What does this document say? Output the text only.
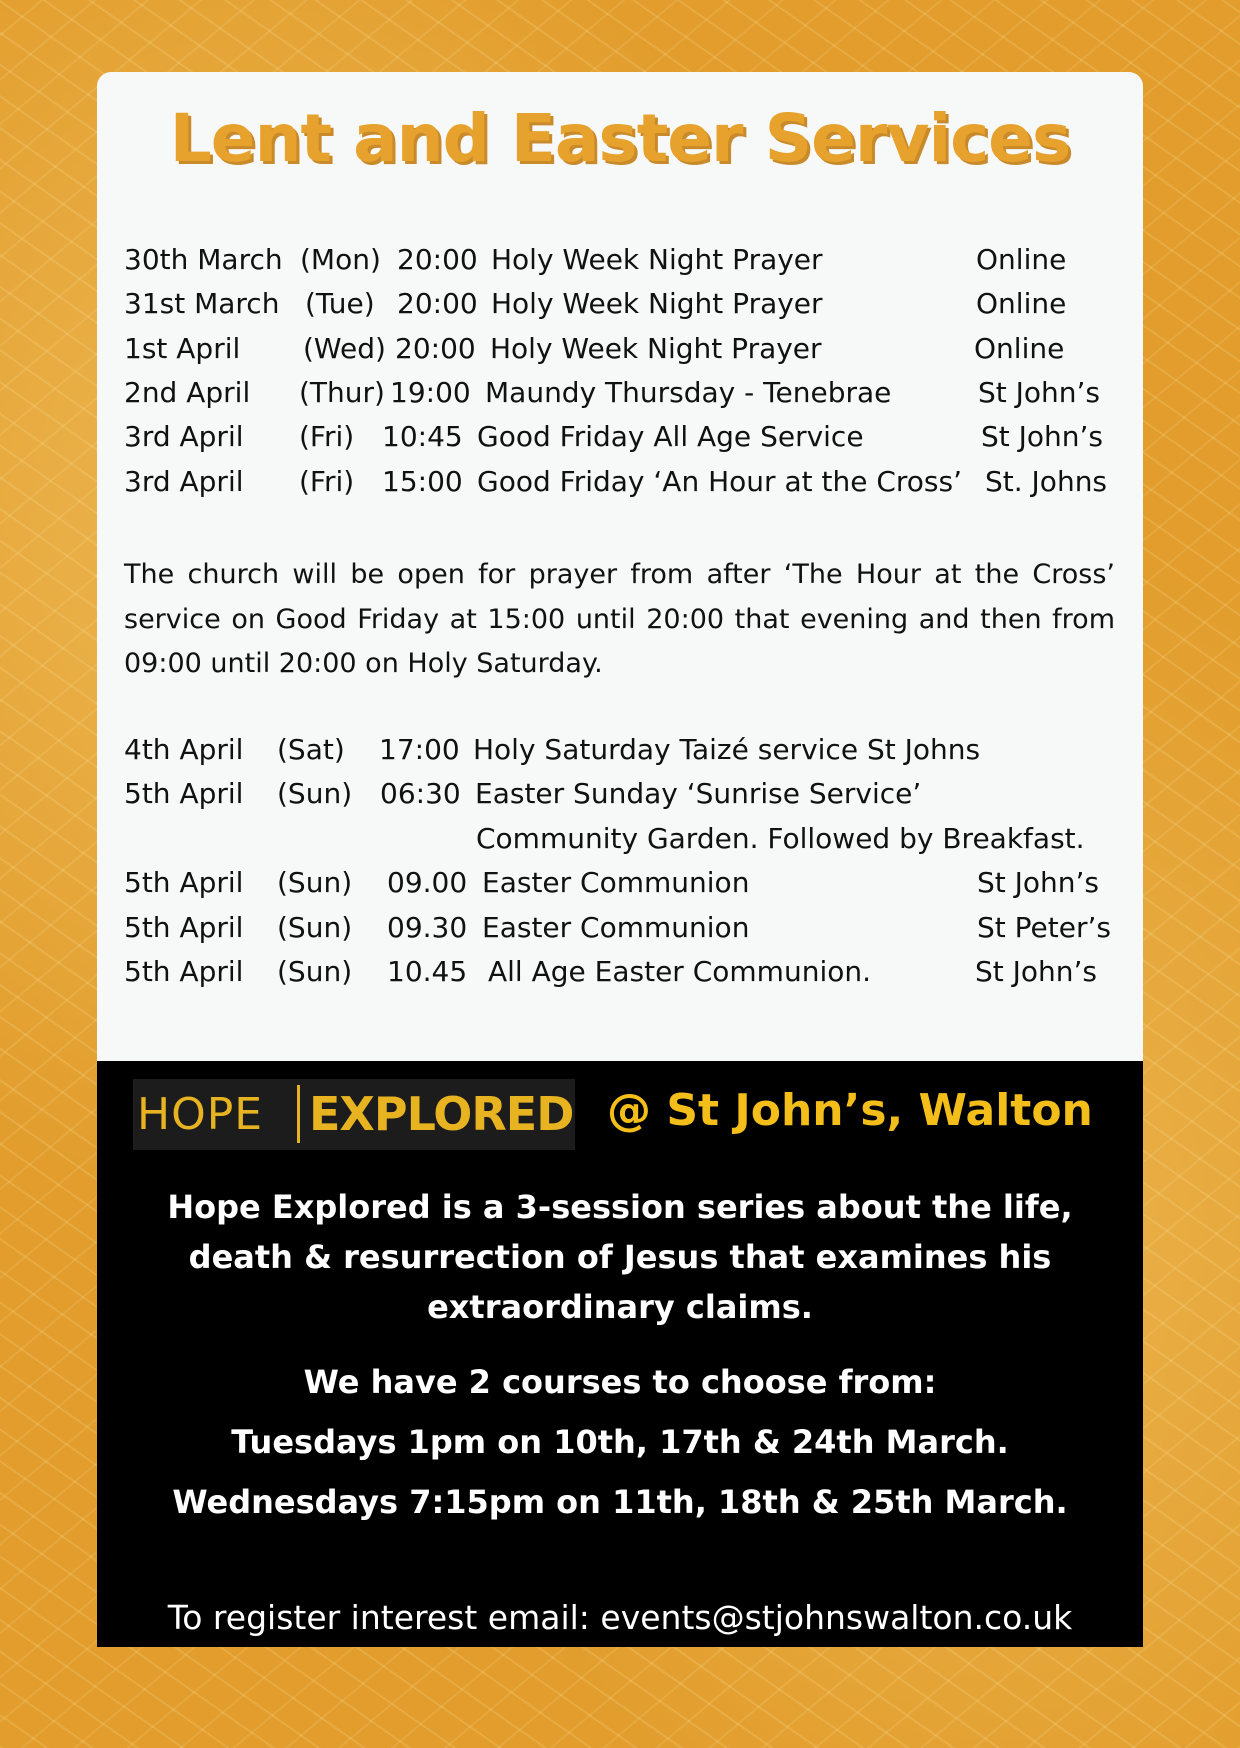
Lent and Easter Services
30th March (Mon) 20:00 Holy Week Night Prayer	Online
31st March (Tue) 20:00 Holy Week Night Prayer	Online
1st April (Wed) 20:00 Holy Week Night Prayer	Online
2nd April (Thur) 19:00 Maundy Thursday - Tenebrae	St John’s
3rd April (Fri) 10:45 Good Friday All Age Service	St John’s
3rd April (Fri) 15:00 Good Friday ‘An Hour at the Cross’ St. Johns
The church will be open for prayer from after ‘The Hour at the Cross’ service on Good Friday at 15:00 until 20:00 that evening and then from 09:00 until 20:00 on Holy Saturday.
4th April (Sat) 17:00 Holy Saturday Taizé service St Johns
5th April (Sun) 06:30 Easter Sunday ‘Sunrise Service’
Community Garden. Followed by Breakfast.
5th April (Sun) 09.00 Easter Communion	St John’s
5th April (Sun) 09.30 Easter Communion	St Peter’s
5th April (Sun) 10.45 All Age Easter Communion.	St John’s
HOPE EXPLORED @ St John’s, Walton
Hope Explored is a 3-session series about the life,
death & resurrection of Jesus that examines his
extraordinary claims.
We have 2 courses to choose from:
Tuesdays 1pm on 10th, 17th & 24th March.
Wednesdays 7:15pm on 11th, 18th & 25th March.
To register interest email: events@stjohnswalton.co.uk
